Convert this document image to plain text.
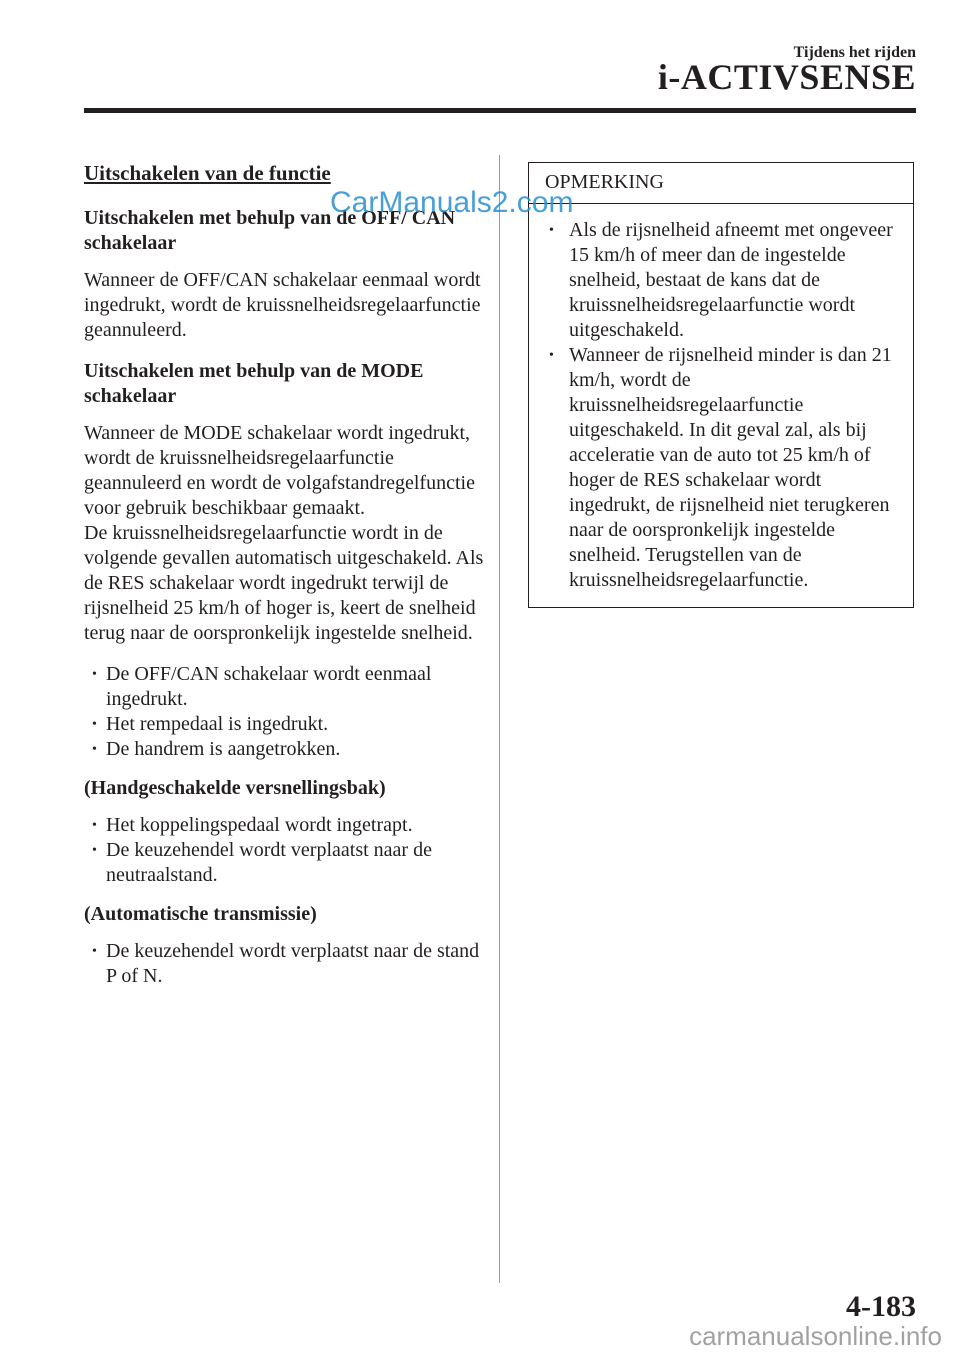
Tijdens het rijden
i-ACTIVSENSE
Uitschakelen van de functie
Uitschakelen met behulp van de OFF/ CAN schakelaar

Wanneer de OFF/CAN schakelaar eenmaal wordt ingedrukt, wordt de kruissnelheidsregelaarfunctie geannuleerd.

Uitschakelen met behulp van de MODE schakelaar

Wanneer de MODE schakelaar wordt ingedrukt, wordt de kruissnelheidsregelaarfunctie geannuleerd en wordt de volgafstandregelfunctie voor gebruik beschikbaar gemaakt.

De kruissnelheidsregelaarfunctie wordt in de volgende gevallen automatisch uitgeschakeld. Als de RES schakelaar wordt ingedrukt terwijl de rijsnelheid 25 km/h of hoger is, keert de snelheid terug naar de oorspronkelijk ingestelde snelheid.

• De OFF/CAN schakelaar wordt eenmaal ingedrukt.
• Het rempedaal is ingedrukt.
• De handrem is aangetrokken.
(Handgeschakelde versnellingsbak)
• Het koppelingspedaal wordt ingetrapt.
• De keuzehendel wordt verplaatst naar de neutraalstand.
(Automatische transmissie)
• De keuzehendel wordt verplaatst naar de stand P of N.
OPMERKING
• Als de rijsnelheid afneemt met ongeveer 15 km/h of meer dan de ingestelde snelheid, bestaat de kans dat de kruissnelheidsregelaarfunctie wordt uitgeschakeld.
• Wanneer de rijsnelheid minder is dan 21 km/h, wordt de kruissnelheidsregelaarfunctie uitgeschakeld. In dit geval zal, als bij acceleratie van de auto tot 25 km/h of hoger de RES schakelaar wordt ingedrukt, de rijsnelheid niet terugkeren naar de oorspronkelijk ingestelde snelheid. Terugstellen van de kruissnelheidsregelaarfunctie.
CarManuals2.com
carmanualsonline.info
4-183
